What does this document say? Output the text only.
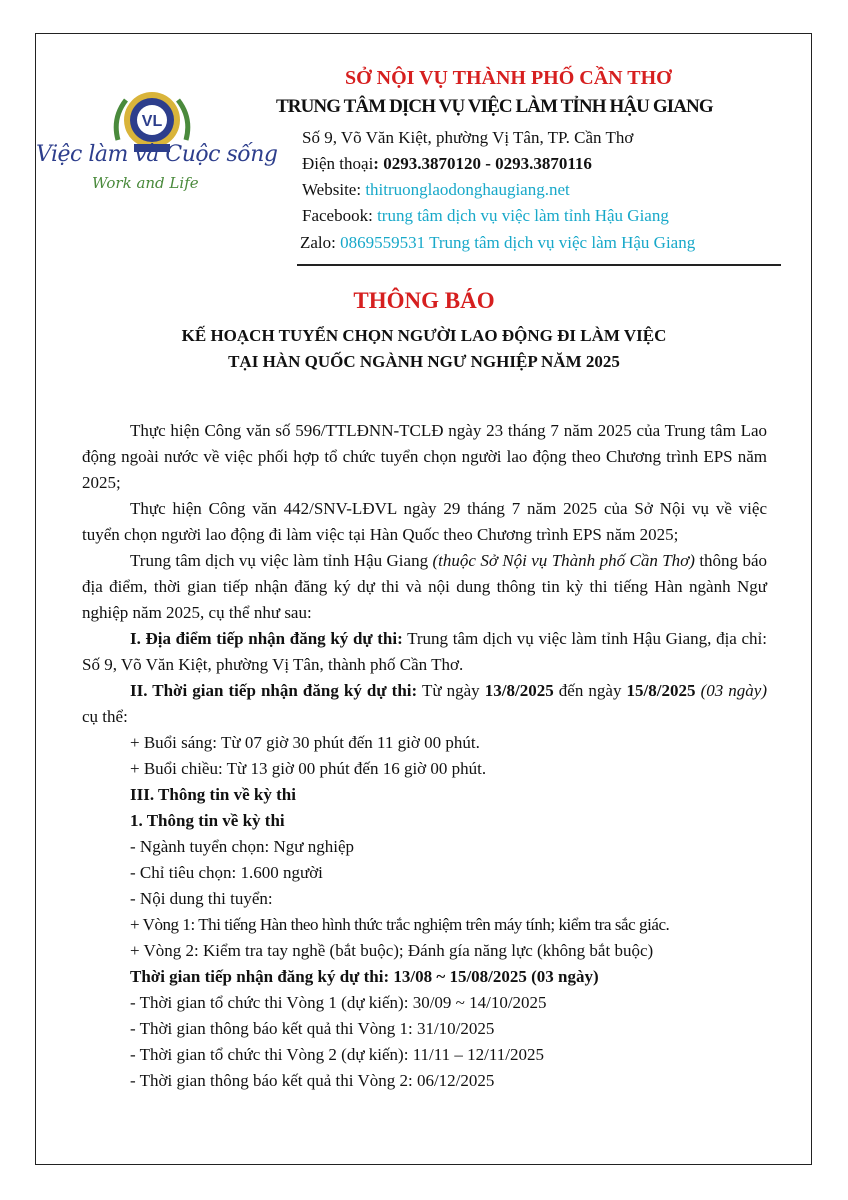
VL
Việc làm và Cuộc sống
Work and Life
SỞ NỘI VỤ THÀNH PHỐ CẦN THƠ
TRUNG TÂM DỊCH VỤ VIỆC LÀM TỈNH HẬU GIANG
Số 9, Võ Văn Kiệt, phường Vị Tân, TP. Cần Thơ
Điện thoại: 0293.3870120 - 0293.3870116
Website: thitruonglaodonghaugiang.net
Facebook: trung tâm dịch vụ việc làm tỉnh Hậu Giang
Zalo: 0869559531 Trung tâm dịch vụ việc làm Hậu Giang
THÔNG BÁO
KẾ HOẠCH TUYỂN CHỌN NGƯỜI LAO ĐỘNG ĐI LÀM VIỆC
TẠI HÀN QUỐC NGÀNH NGƯ NGHIỆP NĂM 2025

Thực hiện Công văn số 596/TTLĐNN-TCLĐ ngày 23 tháng 7 năm 2025 của Trung tâm Lao động ngoài nước về việc phối hợp tổ chức tuyển chọn người lao động theo Chương trình EPS năm 2025;

Thực hiện Công văn 442/SNV-LĐVL ngày 29 tháng 7 năm 2025 của Sở Nội vụ về việc tuyển chọn người lao động đi làm việc tại Hàn Quốc theo Chương trình EPS năm 2025;

Trung tâm dịch vụ việc làm tỉnh Hậu Giang (thuộc Sở Nội vụ Thành phố Cần Thơ) thông báo địa điểm, thời gian tiếp nhận đăng ký dự thi và nội dung thông tin kỳ thi tiếng Hàn ngành Ngư nghiệp năm 2025, cụ thể như sau:

I. Địa điểm tiếp nhận đăng ký dự thi: Trung tâm dịch vụ việc làm tỉnh Hậu Giang, địa chỉ: Số 9, Võ Văn Kiệt, phường Vị Tân, thành phố Cần Thơ.

II. Thời gian tiếp nhận đăng ký dự thi: Từ ngày 13/8/2025 đến ngày 15/8/2025 (03 ngày) cụ thể:

+ Buổi sáng: Từ 07 giờ 30 phút đến 11 giờ 00 phút.

+ Buổi chiều: Từ 13 giờ 00 phút đến 16 giờ 00 phút.

III. Thông tin về kỳ thi

1. Thông tin về kỳ thi

- Ngành tuyển chọn: Ngư nghiệp

- Chỉ tiêu chọn: 1.600 người

- Nội dung thi tuyển:

+ Vòng 1: Thi tiếng Hàn theo hình thức trắc nghiệm trên máy tính; kiểm tra sắc giác.

+ Vòng 2: Kiểm tra tay nghề (bắt buộc); Đánh gía năng lực (không bắt buộc)

Thời gian tiếp nhận đăng ký dự thi: 13/08 ~ 15/08/2025 (03 ngày)

- Thời gian tổ chức thi Vòng 1 (dự kiến): 30/09 ~ 14/10/2025

- Thời gian thông báo kết quả thi Vòng 1: 31/10/2025

- Thời gian tổ chức thi Vòng 2 (dự kiến): 11/11 – 12/11/2025

- Thời gian thông báo kết quả thi Vòng 2: 06/12/2025
